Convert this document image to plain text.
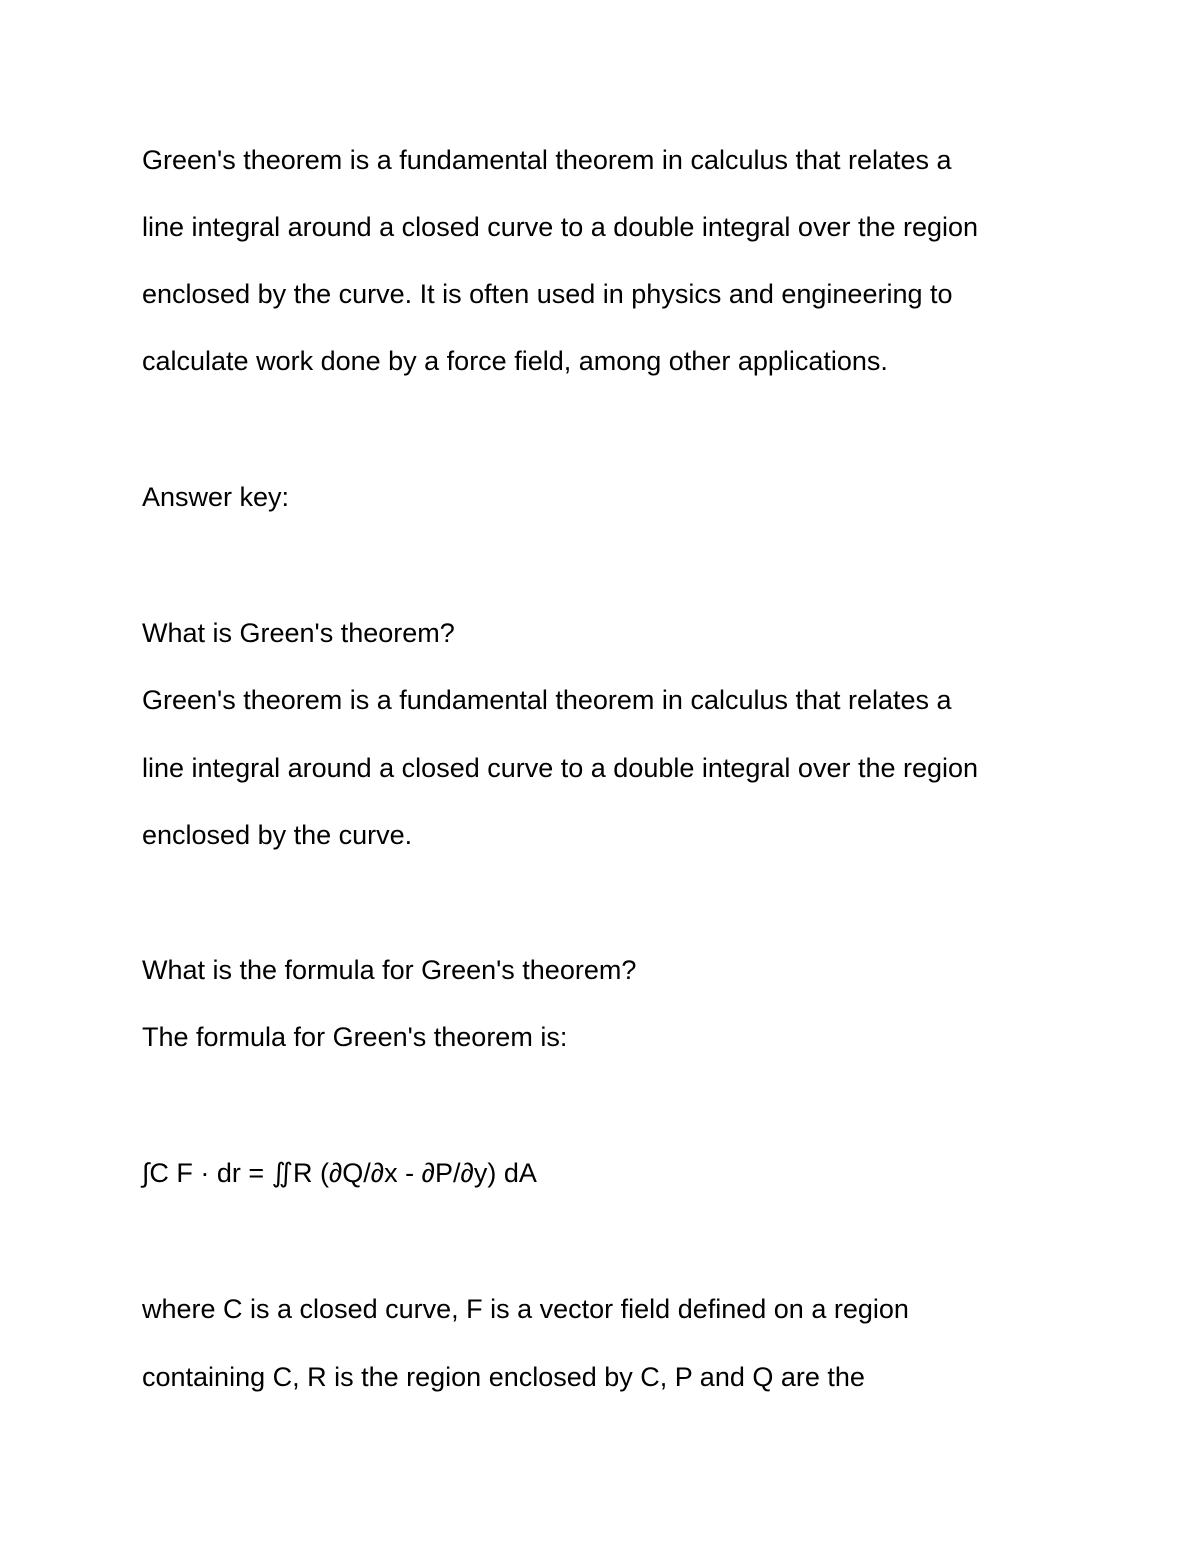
Green's theorem is a fundamental theorem in calculus that relates a
line integral around a closed curve to a double integral over the region
enclosed by the curve. It is often used in physics and engineering to
calculate work done by a force field, among other applications.
Answer key:
What is Green's theorem?
Green's theorem is a fundamental theorem in calculus that relates a
line integral around a closed curve to a double integral over the region
enclosed by the curve.
What is the formula for Green's theorem?
The formula for Green's theorem is:
∫C F · dr = ∬R (∂Q/∂x - ∂P/∂y) dA
where C is a closed curve, F is a vector field defined on a region
containing C, R is the region enclosed by C, P and Q are the
